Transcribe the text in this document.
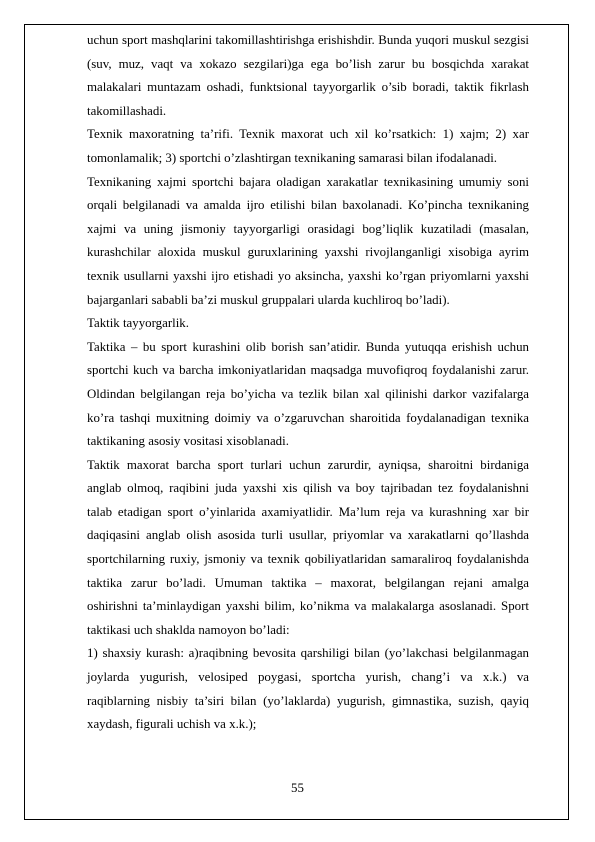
uchun sport mashqlarini takomillashtirishga erishishdir. Bunda yuqori muskul sezgisi (suv, muz, vaqt va xokazo sezgilari)ga ega bo’lish zarur bu bosqichda xarakat malakalari muntazam oshadi, funktsional tayyorgarlik o’sib boradi, taktik fikrlash takomillashadi.

Texnik maxoratning ta’rifi. Texnik maxorat uch xil ko’rsatkich: 1) xajm; 2) xar tomonlamalik; 3) sportchi o’zlashtirgan texnikaning samarasi bilan ifodalanadi.

Texnikaning xajmi sportchi bajara oladigan xarakatlar texnikasining umumiy soni orqali belgilanadi va amalda ijro etilishi bilan baxolanadi. Ko’pincha texnikaning xajmi va uning jismoniy tayyorgarligi orasidagi bog’liqlik kuzatiladi (masalan, kurashchilar aloxida muskul guruxlarining yaxshi rivojlanganligi xisobiga ayrim texnik usullarni yaxshi ijro etishadi yo aksincha, yaxshi ko’rgan priyomlarni yaxshi bajarganlari sababli ba’zi muskul gruppalari ularda kuchliroq bo’ladi).

Taktik tayyorgarlik.

Taktika – bu sport kurashini olib borish san’atidir. Bunda yutuqqa erishish uchun sportchi kuch va barcha imkoniyatlaridan maqsadga muvofiqroq foydalanishi zarur. Oldindan belgilangan reja bo’yicha va tezlik bilan xal qilinishi darkor vazifalarga ko’ra tashqi muxitning doimiy va o’zgaruvchan sharoitida foydalanadigan texnika taktikaning asosiy vositasi xisoblanadi.

Taktik maxorat barcha sport turlari uchun zarurdir, ayniqsa, sharoitni birdaniga anglab olmoq, raqibini juda yaxshi xis qilish va boy tajribadan tez foydalanishni talab etadigan sport o’yinlarida axamiyatlidir. Ma’lum reja va kurashning xar bir daqiqasini anglab olish asosida turli usullar, priyomlar va xarakatlarni qo’llashda sportchilarning ruxiy, jsmoniy va texnik qobiliyatlaridan samaraliroq foydalanishda taktika zarur bo’ladi. Umuman taktika – maxorat, belgilangan rejani amalga oshirishni ta’minlaydigan yaxshi bilim, ko’nikma va malakalarga asoslanadi. Sport taktikasi uch shaklda namoyon bo’ladi:

1) shaxsiy kurash: a)raqibning bevosita qarshiligi bilan (yo’lakchasi belgilanmagan joylarda yugurish, velosiped poygasi, sportcha yurish, chang’i va x.k.) va raqiblarning nisbiy ta’siri bilan (yo’laklarda) yugurish, gimnastika, suzish, qayiq xaydash, figurali uchish va x.k.);

55
